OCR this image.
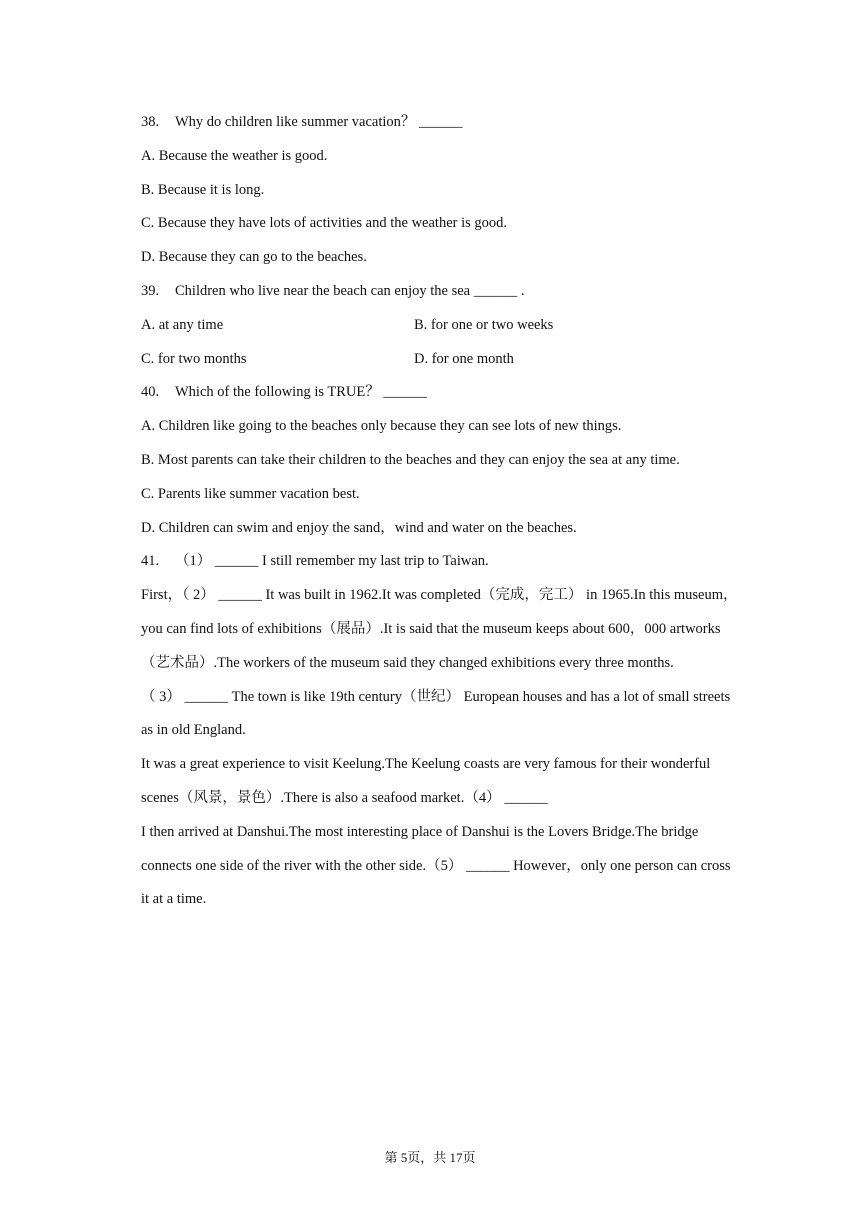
38. Why do children like summer vacation？ ______
A. Because the weather is good.
B. Because it is long.
C. Because they have lots of activities and the weather is good.
D. Because they can go to the beaches.
39. Children who live near the beach can enjoy the sea ______ .
A. at any time	B. for one or two weeks
C. for two months	D. for one month
40. Which of the following is TRUE？ ______
A. Children like going to the beaches only because they can see lots of new things.
B. Most parents can take their children to the beaches and they can enjoy the sea at any time.
C. Parents like summer vacation best.
D. Children can swim and enjoy the sand，wind and water on the beaches.
41. （1） ______ I still remember my last trip to Taiwan.
First，（ 2） ______ It was built in 1962.It was completed（完成，完工） in 1965.In this museum，
you can find lots of exhibitions（展品）.It is said that the museum keeps about 600，000 artworks
（艺术品）.The workers of the museum said they changed exhibitions every three months.
（ 3） ______ The town is like 19th century（世纪） European houses and has a lot of small streets
as in old England.
It was a great experience to visit Keelung.The Keelung coasts are very famous for their wonderful
scenes（风景，景色）.There is also a seafood market.（4） ______
I then arrived at Danshui.The most interesting place of Danshui is the Lovers Bridge.The bridge
connects one side of the river with the other side.（5） ______ However，only one person can cross
it at a time.
第 5页，共 17页
